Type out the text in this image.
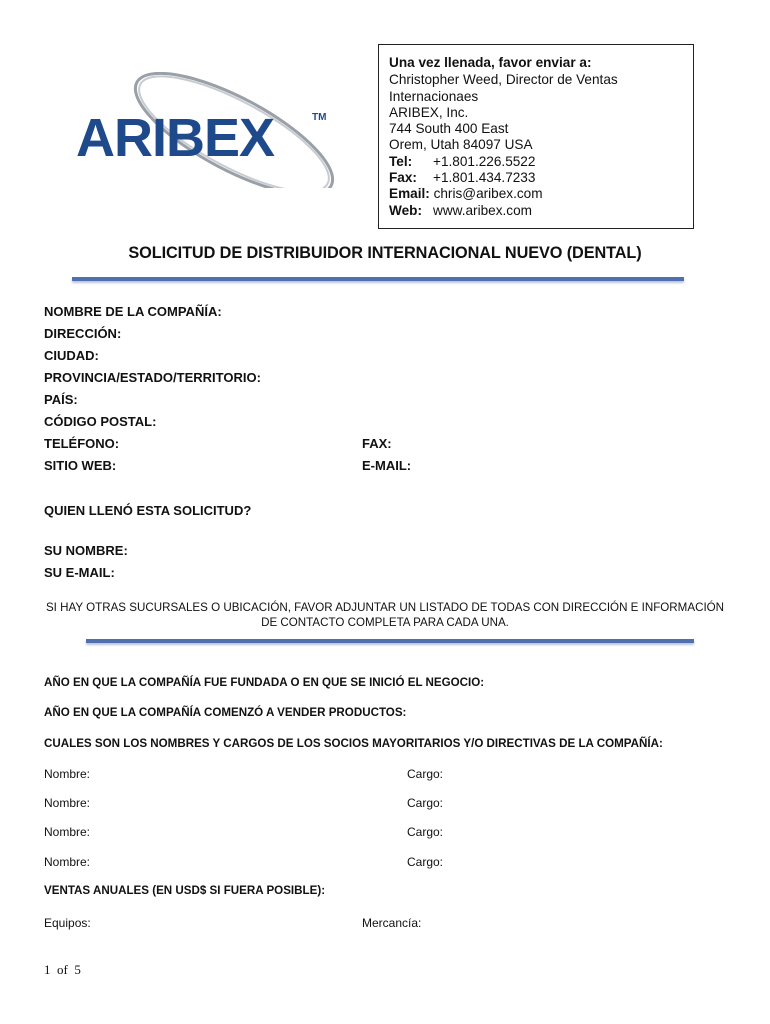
ARIBEX	TM
Una vez llenada, favor enviar a:
Christopher Weed, Director de Ventas
Internacionaes
ARIBEX, Inc.
744 South 400 East
Orem, Utah 84097 USA
Tel: +1.801.226.5522
Fax: +1.801.434.7233
Email: chris@aribex.com
Web: www.aribex.com
SOLICITUD DE DISTRIBUIDOR INTERNACIONAL NUEVO (DENTAL)
NOMBRE DE LA COMPAÑÍA:
DIRECCIÓN:
CIUDAD:
PROVINCIA/ESTADO/TERRITORIO:
PAÍS:
CÓDIGO POSTAL:
TELÉFONO:	FAX:
SITIO WEB:	E-MAIL:
QUIEN LLENÓ ESTA SOLICITUD?
SU NOMBRE:
SU E-MAIL:
SI HAY OTRAS SUCURSALES O UBICACIÓN, FAVOR ADJUNTAR UN LISTADO DE TODAS CON DIRECCIÓN E INFORMACIÓN DE CONTACTO COMPLETA PARA CADA UNA.
AÑO EN QUE LA COMPAÑÍA FUE FUNDADA O EN QUE SE INICIÓ EL NEGOCIO:
AÑO EN QUE LA COMPAÑÍA COMENZÓ A VENDER PRODUCTOS:
CUALES SON LOS NOMBRES Y CARGOS DE LOS SOCIOS MAYORITARIOS Y/O DIRECTIVAS DE LA COMPAÑÍA:
Nombre:	Cargo:
Nombre:	Cargo:
Nombre:	Cargo:
Nombre:	Cargo:
VENTAS ANUALES (EN USD$ SI FUERA POSIBLE):
Equipos:	Mercancía:
1  of  5
